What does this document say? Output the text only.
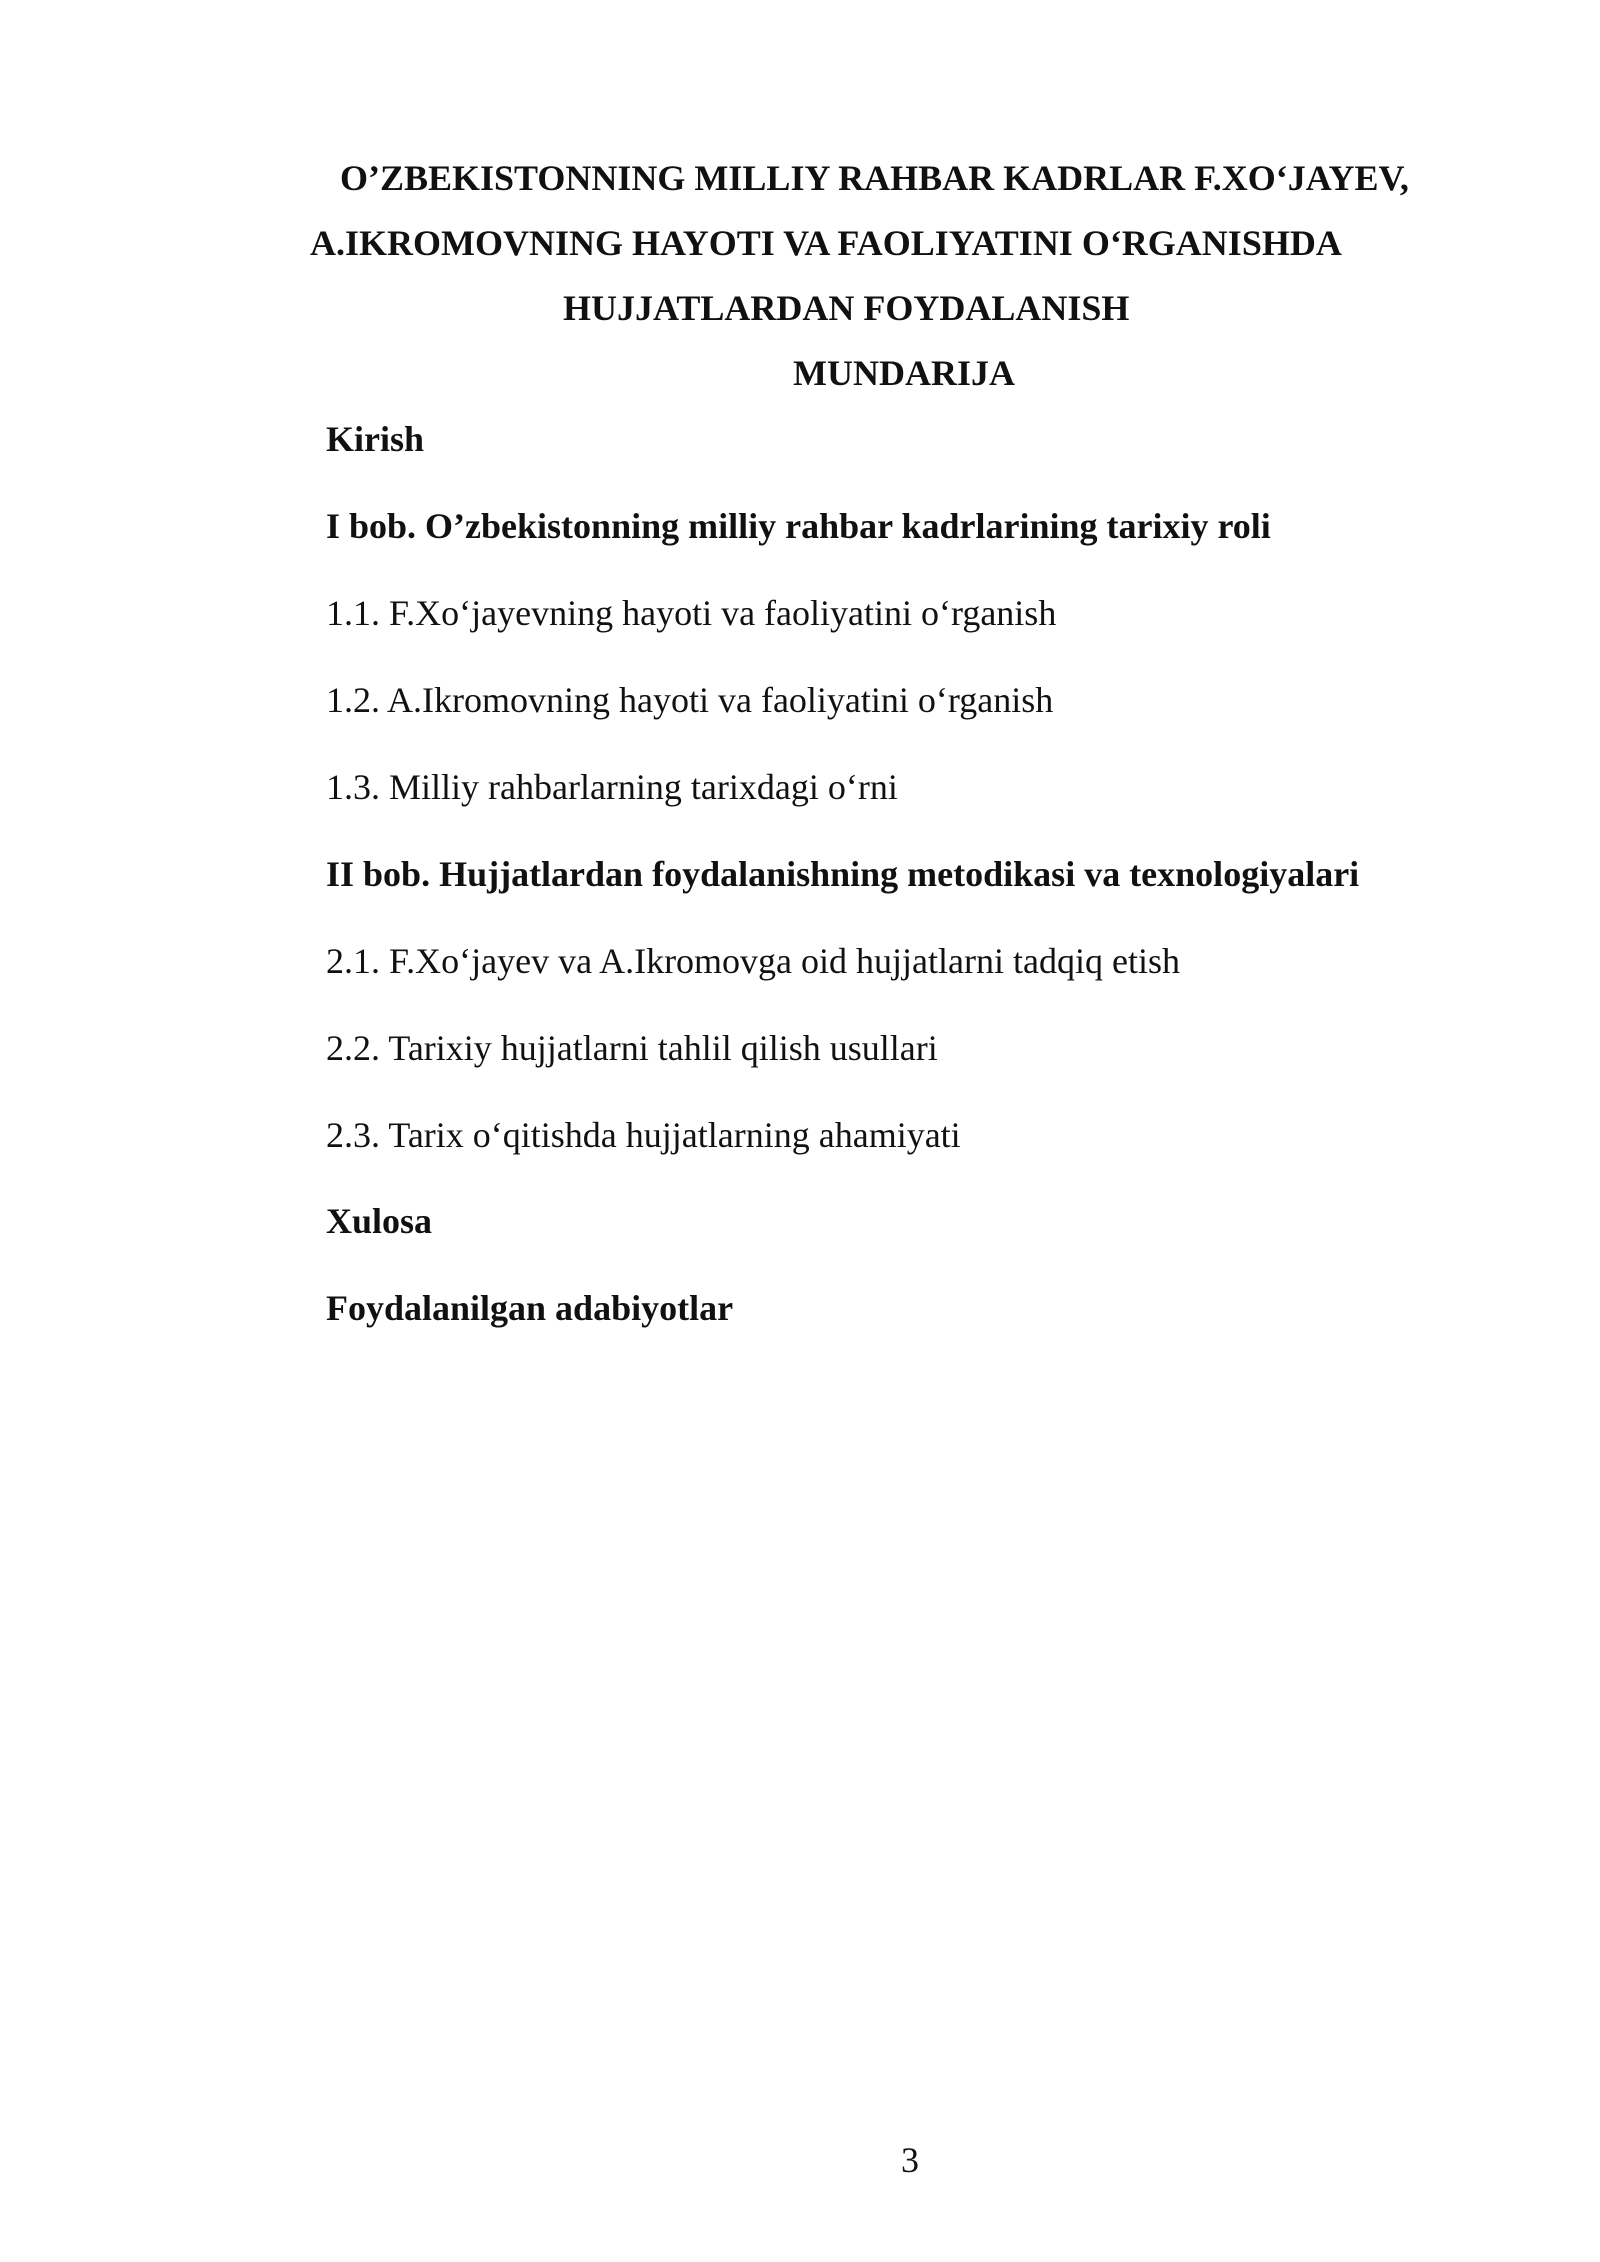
O’ZBEKISTONNING MILLIY RAHBAR KADRLAR F.XO‘JAYEV,
A.IKROMOVNING HAYOTI VA FAOLIYATINI O‘RGANISHDA
HUJJATLARDAN FOYDALANISH
MUNDARIJA
Kirish
I bob. O’zbekistonning milliy rahbar kadrlarining tarixiy roli
1.1. F.Xo‘jayevning hayoti va faoliyatini o‘rganish
1.2. A.Ikromovning hayoti va faoliyatini o‘rganish
1.3. Milliy rahbarlarning tarixdagi o‘rni
II bob. Hujjatlardan foydalanishning metodikasi va texnologiyalari
2.1. F.Xo‘jayev va A.Ikromovga oid hujjatlarni tadqiq etish
2.2. Tarixiy hujjatlarni tahlil qilish usullari
2.3. Tarix o‘qitishda hujjatlarning ahamiyati
Xulosa
Foydalanilgan adabiyotlar
3
